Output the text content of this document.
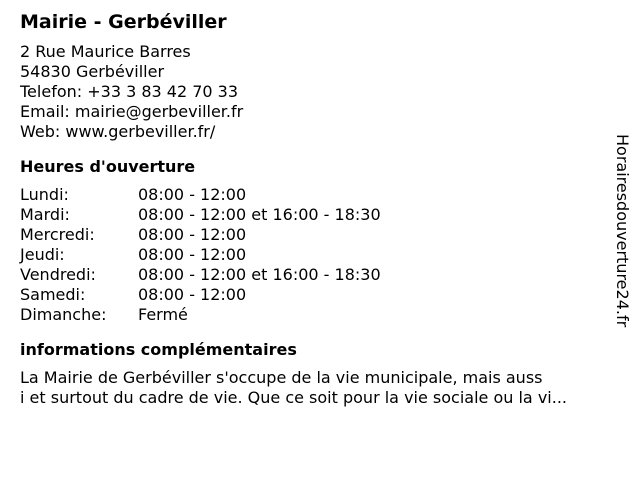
Mairie - Gerbéviller
2 Rue Maurice Barres
54830 Gerbéviller
Telefon: +33 3 83 42 70 33
Email: mairie@gerbeviller.fr
Web: www.gerbeviller.fr/
Heures d'ouverture
Lundi:	08:00 - 12:00
Mardi:	08:00 - 12:00 et 16:00 - 18:30
Mercredi:	08:00 - 12:00
Jeudi:	08:00 - 12:00
Vendredi:	08:00 - 12:00 et 16:00 - 18:30
Samedi:	08:00 - 12:00
Dimanche:	Fermé
informations complémentaires
La Mairie de Gerbéviller s'occupe de la vie municipale, mais auss
i et surtout du cadre de vie. Que ce soit pour la vie sociale ou la vi...
Horairesdouverture24.fr
